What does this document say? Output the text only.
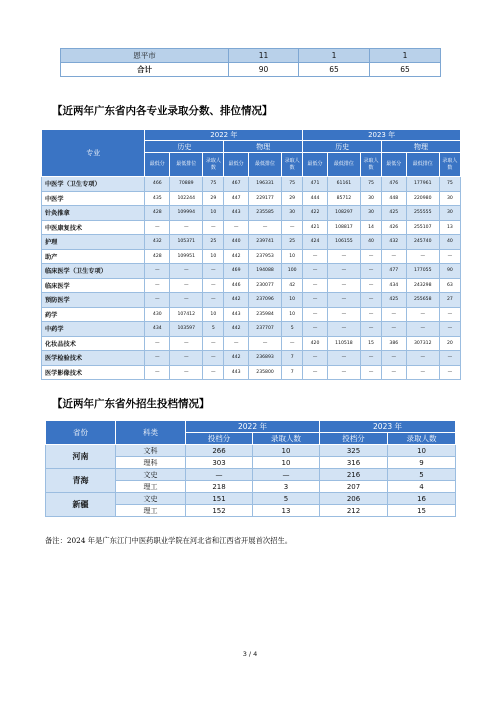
恩平市	11	1	1
合计	90	65	65
【近两年广东省内各专业录取分数、排位情况】
专业	2022 年						2023 年					
	历史			物理			历史			物理		
	最低分	最低排位	录取人数	最低分	最低排位	录取人数	最低分	最低排位	录取人数	最低分	最低排位	录取人数
中医学（卫生专项）	466	70889	75	467	196331	75	471	61161	75	476	177961	75
中医学	435	102244	29	447	229177	29	444	85712	30	448	220980	30
针灸推拿	428	109994	10	443	235585	30	422	108297	30	425	255555	30
中医康复技术	—	—	—	—	—	—	421	108817	14	426	255107	13
护理	432	105371	25	440	239741	25	424	106155	40	432	245740	40
助产	428	109951	10	442	237953	10	—	—	—	—	—	—
临床医学（卫生专项）	—	—	—	469	194088	100	—	—	—	477	177055	90
临床医学	—	—	—	446	230077	42	—	—	—	434	243298	63
预防医学	—	—	—	442	237096	10	—	—	—	425	255658	27
药学	430	107412	10	443	235984	10	—	—	—	—	—	—
中药学	434	103597	5	442	237707	5	—	—	—	—	—	—
化妆品技术	—	—	—	—	—	—	420	110518	15	386	307312	20
医学检验技术	—	—	—	442	236893	7	—	—	—	—	—	—
医学影像技术	—	—	—	443	235800	7	—	—	—	—	—	—
【近两年广东省外招生投档情况】
省份	科类	2022 年		2023 年	
		投档分	录取人数	投档分	录取人数
河南	文科	266	10	325	10
	理科	303	10	316	9
青海	文史	—	—	216	5
	理工	218	3	207	4
新疆	文史	151	5	206	16
	理工	152	13	212	15
备注：2024 年是广东江门中医药职业学院在河北省和江西省开展首次招生。
3 / 4
